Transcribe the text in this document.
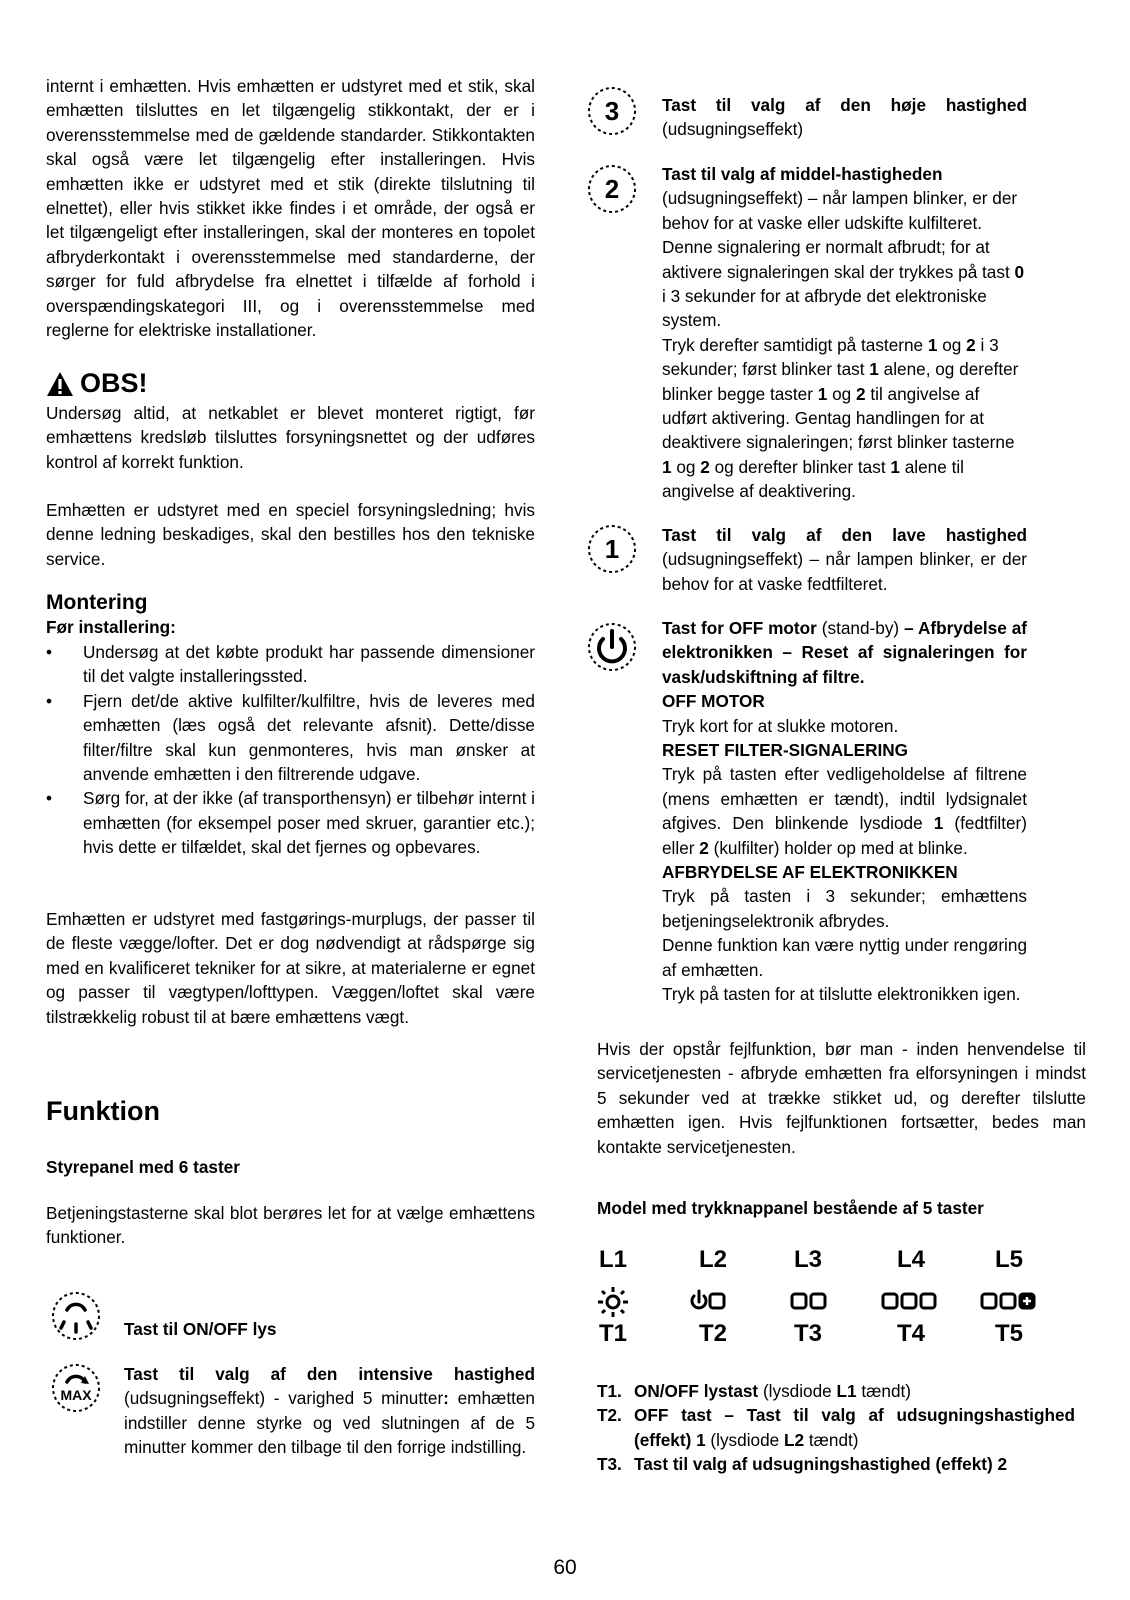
internt i emhætten. Hvis emhætten er udstyret med et stik, skal emhætten tilsluttes en let tilgængelig stikkontakt, der er i overensstemmelse med de gældende standarder. Stikkontakten skal også være let tilgængelig efter installeringen. Hvis emhætten ikke er udstyret med et stik (direkte tilslutning til elnettet), eller hvis stikket ikke findes i et område, der også er let tilgængeligt efter installeringen, skal der monteres en topolet afbryderkontakt i overensstemmelse med standarderne, der sørger for fuld afbrydelse fra elnettet i tilfælde af forhold i overspændingskategori III, og i overensstemmelse med reglerne for elektriske installationer.

OBS!

Undersøg altid, at netkablet er blevet monteret rigtigt, før emhættens kredsløb tilsluttes forsyningsnettet og der udføres kontrol af korrekt funktion.

Emhætten er udstyret med en speciel forsyningsledning; hvis denne ledning beskadiges, skal den bestilles hos den tekniske service.

Montering
Før installering:
• Undersøg at det købte produkt har passende dimensioner til det valgte installeringssted.
• Fjern det/de aktive kulfilter/kulfiltre, hvis de leveres med emhætten (læs også det relevante afsnit). Dette/disse filter/filtre skal kun genmonteres, hvis man ønsker at anvende emhætten i den filtrerende udgave.
• Sørg for, at der ikke (af transporthensyn) er tilbehør internt i emhætten (for eksempel poser med skruer, garantier etc.); hvis dette er tilfældet, skal det fjernes og opbevares.

Emhætten er udstyret med fastgørings-murplugs, der passer til de fleste vægge/lofter. Det er dog nødvendigt at rådspørge sig med en kvalificeret tekniker for at sikre, at materialerne er egnet og passer til vægtypen/lofttypen. Væggen/loftet skal være tilstrækkelig robust til at bære emhættens vægt.

Funktion
Styrepanel med 6 taster

Betjeningstasterne skal blot berøres let for at vælge emhættens funktioner.

Tast til ON/OFF lys
MAX

Tast til valg af den intensive hastighed (udsugningseffekt) - varighed 5 minutter: emhætten indstiller denne styrke og ved slutningen af de 5 minutter kommer den tilbage til den forrige indstilling.

3 Tast til valg af den høje hastighed (udsugningseffekt)

2 Tast til valg af middel-hastigheden

(udsugningseffekt) – når lampen blinker, er der behov for at vaske eller udskifte kulfilteret.

Denne signalering er normalt afbrudt; for at aktivere signaleringen skal der trykkes på tast 0 i 3 sekunder for at afbryde det elektroniske system.

Tryk derefter samtidigt på tasterne 1 og 2 i 3 sekunder; først blinker tast 1 alene, og derefter blinker begge taster 1 og 2 til angivelse af udført aktivering. Gentag handlingen for at deaktivere signaleringen; først blinker tasterne 1 og 2 og derefter blinker tast 1 alene til angivelse af deaktivering.

1 Tast til valg af den lave hastighed (udsugningseffekt) – når lampen blinker, er der behov for at vaske fedtfilteret.

Tast for OFF motor (stand-by) – Afbrydelse af elektronikken – Reset af signaleringen for vask/udskiftning af filtre.

OFF MOTOR

Tryk kort for at slukke motoren.

RESET FILTER-SIGNALERING

Tryk på tasten efter vedligeholdelse af filtrene (mens emhætten er tændt), indtil lydsignalet afgives. Den blinkende lysdiode 1 (fedtfilter) eller 2 (kulfilter) holder op med at blinke.

AFBRYDELSE AF ELEKTRONIKKEN

Tryk på tasten i 3 sekunder; emhættens betjeningselektronik afbrydes.

Denne funktion kan være nyttig under rengøring af emhætten.

Tryk på tasten for at tilslutte elektronikken igen.

Hvis der opstår fejlfunktion, bør man - inden henvendelse til servicetjenesten - afbryde emhætten fra elforsyningen i mindst 5 sekunder ved at trække stikket ud, og derefter tilslutte emhætten igen. Hvis fejlfunktionen fortsætter, bedes man kontakte servicetjenesten.

Model med trykknappanel bestående af 5 taster
L1	L2	L3	L4	L5
T1	T2	T3	T4	T5
T1. ON/OFF lystast (lysdiode L1 tændt)
T2. OFF tast – Tast til valg af udsugningshastighed (effekt) 1 (lysdiode L2 tændt)
T3. Tast til valg af udsugningshastighed (effekt) 2
60
